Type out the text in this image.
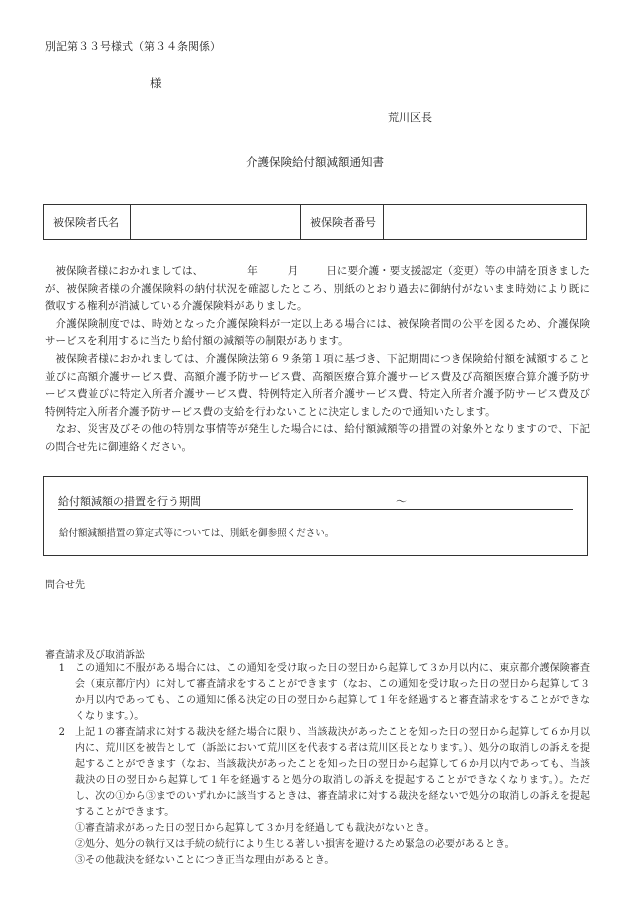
別記第３３号様式（第３４条関係）
様
荒川区長
介護保険給付額減額通知書
被保険者氏名	被保険者番号

被保険者様におかれましては、	年	月	日に要介護・要支援認定（変更）等の申請を頂きましたが、被保険者様の介護保険料の納付状況を確認したところ、別紙のとおり過去に御納付がないまま時効により既に徴収する権利が消滅している介護保険料がありました。

介護保険制度では、時効となった介護保険料が一定以上ある場合には、被保険者間の公平を図るため、介護保険サービスを利用するに当たり給付額の減額等の制限があります。

被保険者様におかれましては、介護保険法第６９条第１項に基づき、下記期間につき保険給付額を減額すること並びに高額介護サービス費、高額介護予防サービス費、高額医療合算介護サービス費及び高額医療合算介護予防サービス費並びに特定入所者介護サービス費、特例特定入所者介護サービス費、特定入所者介護予防サービス費及び特例特定入所者介護予防サービス費の支給を行わないことに決定しましたので通知いたします。

なお、災害及びその他の特別な事情等が発生した場合には、給付額減額等の措置の対象外となりますので、下記の問合せ先に御連絡ください。

給付額減額の措置を行う期間	～
給付額減額措置の算定式等については、別紙を御参照ください。
問合せ先
審査請求及び取消訴訟
1	この通知に不服がある場合には、この通知を受け取った日の翌日から起算して３か月以内に、東京都介護保険審査会（東京都庁内）に対して審査請求をすることができます（なお、この通知を受け取った日の翌日から起算して３か月以内であっても、この通知に係る決定の日の翌日から起算して１年を経過すると審査請求をすることができなくなります。）。
2	上記１の審査請求に対する裁決を経た場合に限り、当該裁決があったことを知った日の翌日から起算して６か月以内に、荒川区を被告として（訴訟において荒川区を代表する者は荒川区長となります。）、処分の取消しの訴えを提起することができます（なお、当該裁決があったことを知った日の翌日から起算して６か月以内であっても、当該裁決の日の翌日から起算して１年を経過すると処分の取消しの訴えを提起することができなくなります。）。ただし、次の①から③までのいずれかに該当するときは、審査請求に対する裁決を経ないで処分の取消しの訴えを提起することができます。
①審査請求があった日の翌日から起算して３か月を経過しても裁決がないとき。
②処分、処分の執行又は手続の続行により生じる著しい損害を避けるため緊急の必要があるとき。
③その他裁決を経ないことにつき正当な理由があるとき。
